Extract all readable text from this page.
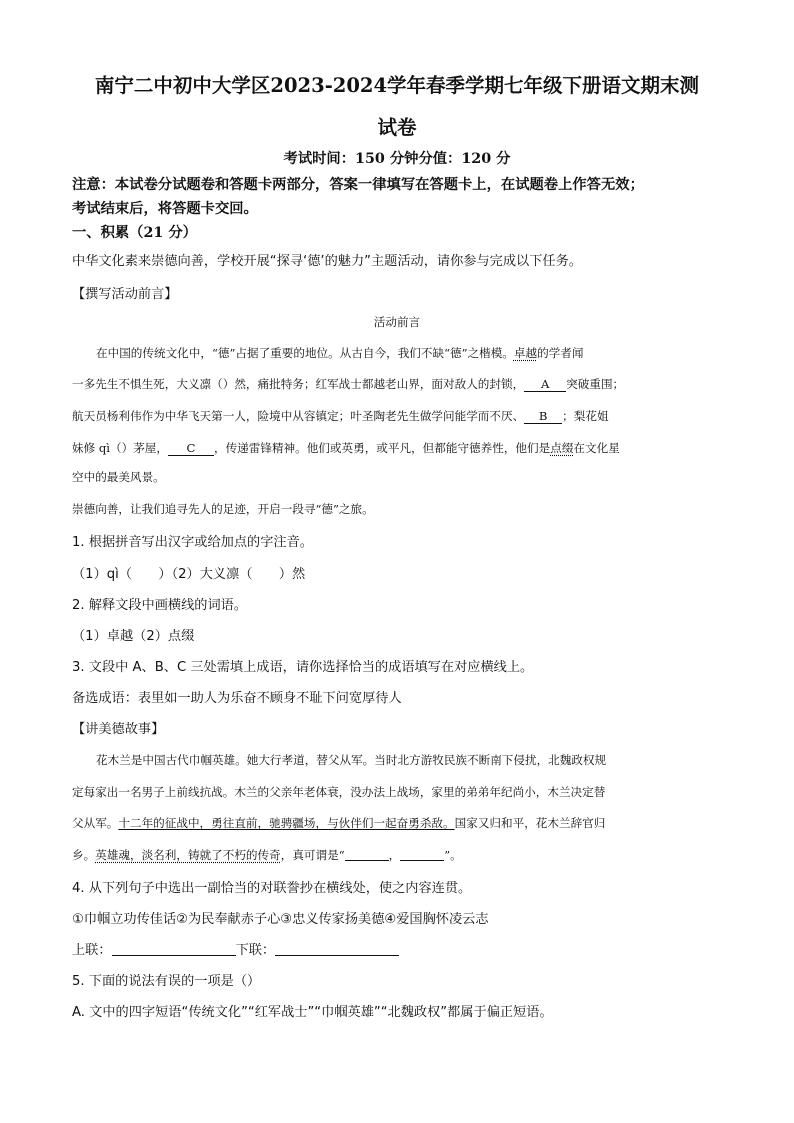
南宁二中初中大学区2023-2024学年春季学期七年级下册语文期末测
试卷
考试时间：150 分钟分值：120 分
注意：本试卷分试题卷和答题卡两部分，答案一律填写在答题卡上，在试题卷上作答无效；
考试结束后，将答题卡交回。
一、积累（21 分）
中华文化素来崇德向善，学校开展“探寻‘德’的魅力”主题活动，请你参与完成以下任务。
【撰写活动前言】
活动前言
在中国的传统文化中，“德”占据了重要的地位。从古自今，我们不缺“德”之楷模。卓越的学者闻
一多先生不惧生死，大义凛（）然，痛批特务；红军战士都越老山界，面对敌人的封锁， A 突破重围；
航天员杨利伟作为中华飞天第一人，险境中从容镇定；叶圣陶老先生做学问能学而不厌、 B ；梨花姐
妹修 qì（）茅屋， C ，传递雷锋精神。他们或英勇，或平凡，但都能守德养性，他们是点缀在文化星
空中的最美风景。
崇德向善，让我们追寻先人的足迹，开启一段寻“德”之旅。
1. 根据拼音写出汉字或给加点的字注音。
（1）qì（　　）（2）大义凛（　　）然
2. 解释文段中画横线的词语。
（1）卓越（2）点缀
3. 文段中 A、B、C 三处需填上成语，请你选择恰当的成语填写在对应横线上。
备选成语：表里如一助人为乐奋不顾身不耻下问宽厚待人
【讲美德故事】
花木兰是中国古代巾帼英雄。她大行孝道，替父从军。当时北方游牧民族不断南下侵扰，北魏政权规
定每家出一名男子上前线抗战。木兰的父亲年老体衰，没办法上战场，家里的弟弟年纪尚小，木兰决定替
父从军。十二年的征战中，勇往直前，驰骋疆场，与伙伴们一起奋勇杀敌。国家又归和平，花木兰辞官归
乡。英雄魂，淡名利，铸就了不朽的传奇，真可谓是“	，	”。
4. 从下列句子中选出一副恰当的对联誊抄在横线处，使之内容连贯。
①巾帼立功传佳话②为民奉献赤子心③忠义传家扬美德④爱国胸怀凌云志
上联：	下联：
5. 下面的说法有误的一项是（）
A. 文中的四字短语“传统文化”“红军战士”“巾帼英雄”“北魏政权”都属于偏正短语。
